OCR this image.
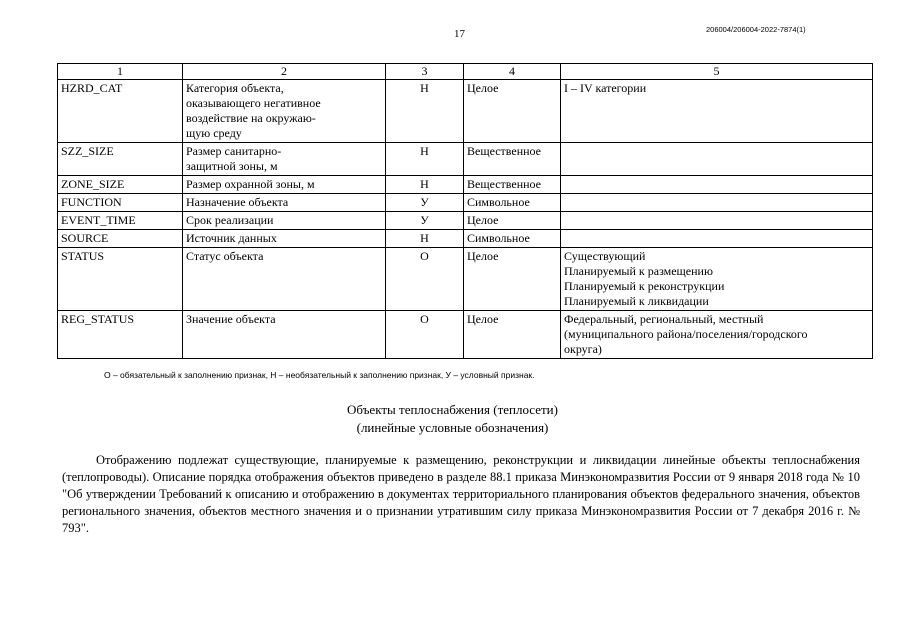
206004/206004-2022-7874(1)
17
1	2	3	4	5
HZRD_CAT	Категория объекта,
оказывающего негативное
воздействие на окружаю-
щую среду	Н	Целое	I – IV категории

SZZ_SIZE	Размер санитарно-
защитной зоны, м	Н	Вещественное	
ZONE_SIZE	Размер охранной зоны, м	Н	Вещественное	
FUNCTION	Назначение объекта	У	Символьное	
EVENT_TIME	Срок реализации	У	Целое	
SOURCE	Источник данных	Н	Символьное	
STATUS	Статус объекта	О	Целое	Существующий
Планируемый к размещению
Планируемый к реконструкции
Планируемый к ликвидации

REG_STATUS	Значение объекта	О	Целое	Федеральный, региональный, местный
(муниципального района/поселения/городского
округа)
О – обязательный к заполнению признак, Н – необязательный к заполнению признак, У – условный признак.
Объекты теплоснабжения (теплосети)
(линейные условные обозначения)

Отображению подлежат существующие, планируемые к размещению, реконструкции и ликвидации линейные объекты теплоснабжения (теплопроводы). Описание порядка отображения объектов приведено в разделе 88.1 приказа Минэкономразвития России от 9 января 2018 года № 10 "Об утверждении Требований к описанию и отображению в документах территориального планирования объектов федерального значения, объектов регионального значения, объектов местного значения и о признании утратившим силу приказа Минэкономразвития России от 7 декабря 2016 г. № 793".
